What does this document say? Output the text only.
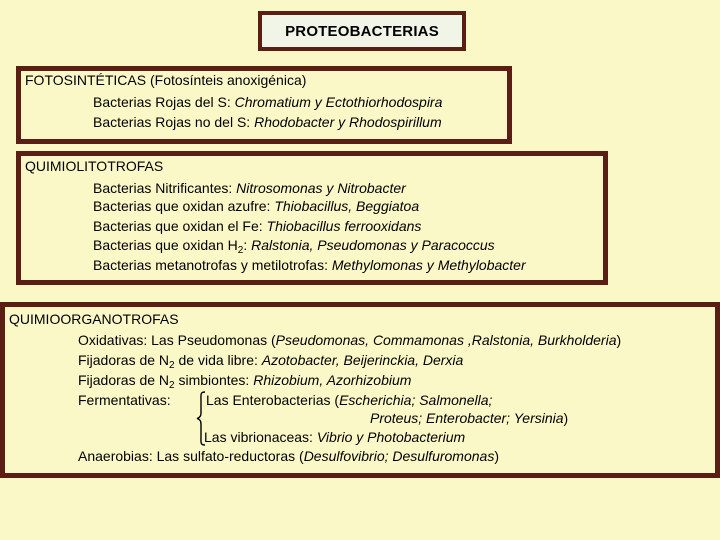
PROTEOBACTERIAS
FOTOSINTÉTICAS (Fotosínteis anoxigénica)
Bacterias Rojas del S: Chromatium y Ectothiorhodospira
Bacterias Rojas no del S: Rhodobacter y Rhodospirillum
QUIMIOLITOTROFAS
Bacterias Nitrificantes: Nitrosomonas y Nitrobacter
Bacterias que oxidan azufre: Thiobacillus, Beggiatoa
Bacterias que oxidan el Fe: Thiobacillus ferrooxidans
Bacterias que oxidan $H_2$: Ralstonia, Pseudomonas y Paracoccus
Bacterias metanotrofas y metilotrofas: Methylomonas y Methylobacter
QUIMIOORGANOTROFAS
Oxidativas: Las Pseudomonas (Pseudomonas, Commamonas ,Ralstonia, Burkholderia)
Fijadoras de $N_2$ de vida libre: Azotobacter, Beijerinckia, Derxia
Fijadoras de $N_2$ simbiontes: Rhizobium, Azorhizobium
Fermentativas:	Las Enterobacterias (Escherichia; Salmonella;
Proteus; Enterobacter; Yersinia)
Las vibrionaceas: Vibrio y Photobacterium
Anaerobias: Las sulfato-reductoras (Desulfovibrio; Desulfuromonas)
